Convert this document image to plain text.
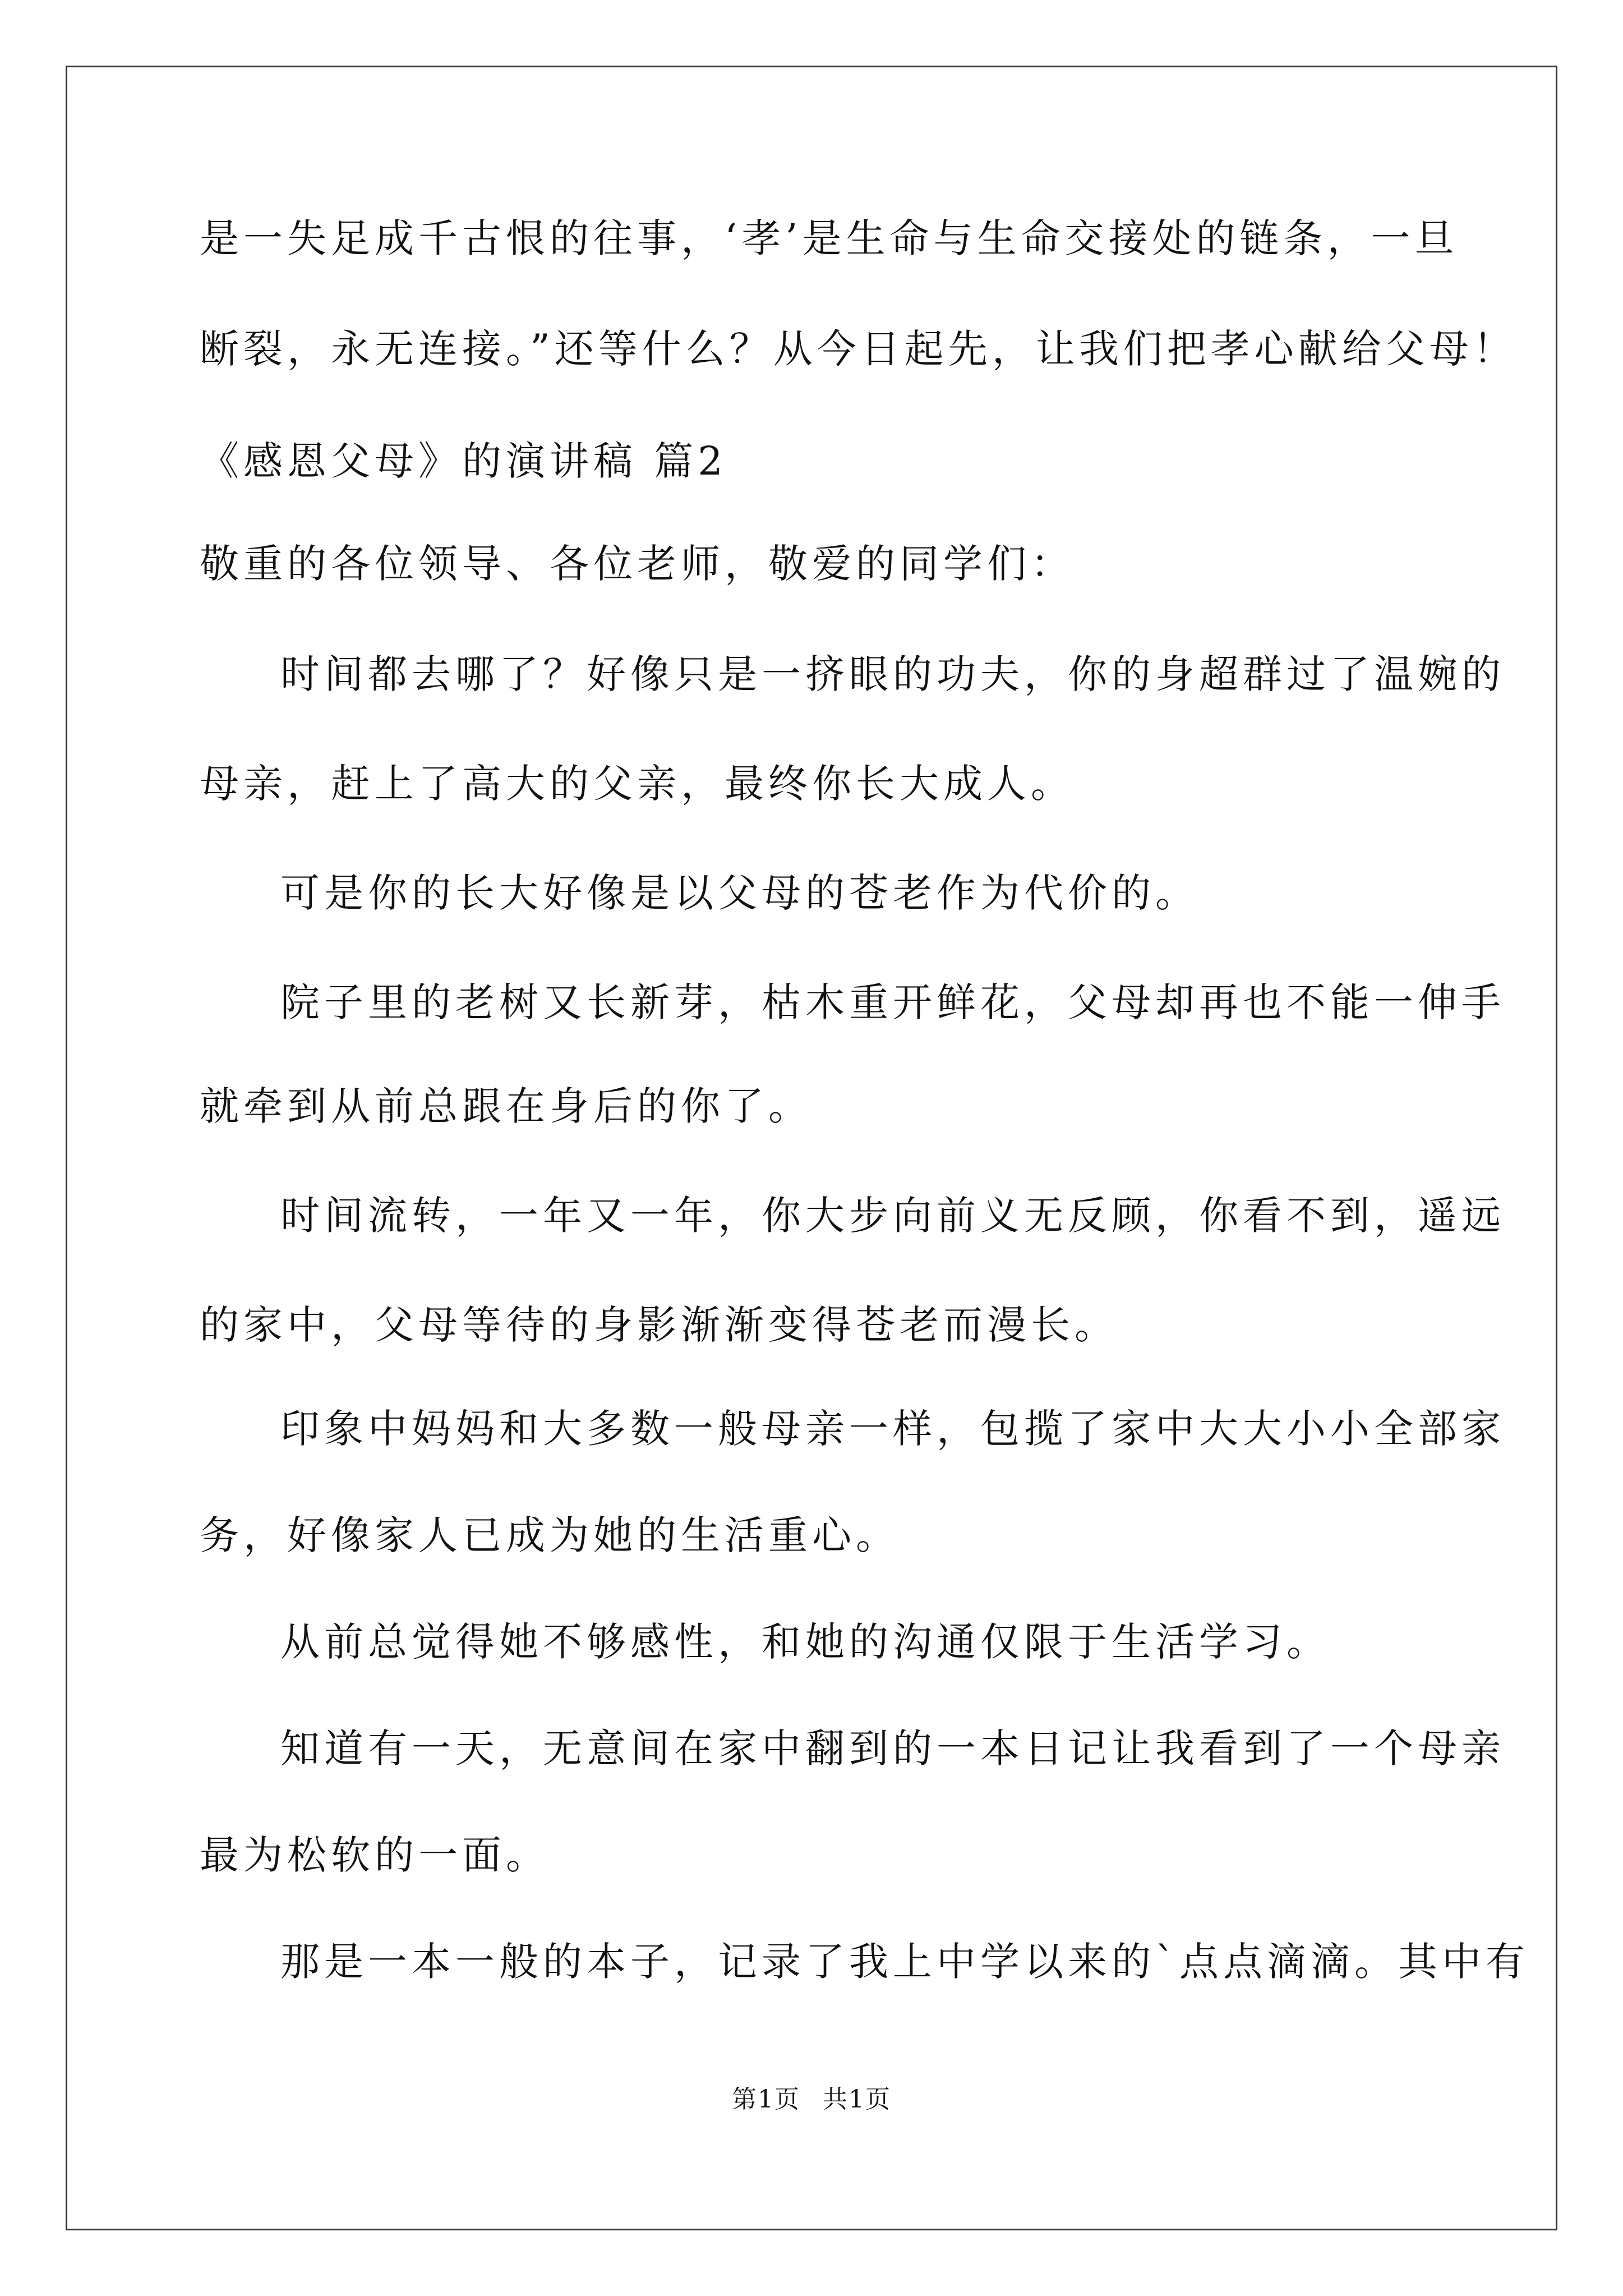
是一失足成千古恨的往事，‘孝’是生命与生命交接处的链条，一旦
断裂，永无连接。”还等什么？从今日起先，让我们把孝心献给父母！
《感恩父母》的演讲稿 篇2
敬重的各位领导、各位老师，敬爱的同学们：
时间都去哪了？好像只是一挤眼的功夫，你的身超群过了温婉的
母亲，赶上了高大的父亲，最终你长大成人。
可是你的长大好像是以父母的苍老作为代价的。
院子里的老树又长新芽，枯木重开鲜花，父母却再也不能一伸手
就牵到从前总跟在身后的你了。
时间流转，一年又一年，你大步向前义无反顾，你看不到，遥远
的家中，父母等待的身影渐渐变得苍老而漫长。
印象中妈妈和大多数一般母亲一样，包揽了家中大大小小全部家
务，好像家人已成为她的生活重心。
从前总觉得她不够感性，和她的沟通仅限于生活学习。
知道有一天，无意间在家中翻到的一本日记让我看到了一个母亲
最为松软的一面。
那是一本一般的本子，记录了我上中学以来的`点点滴滴。其中有
第1页 共1页
